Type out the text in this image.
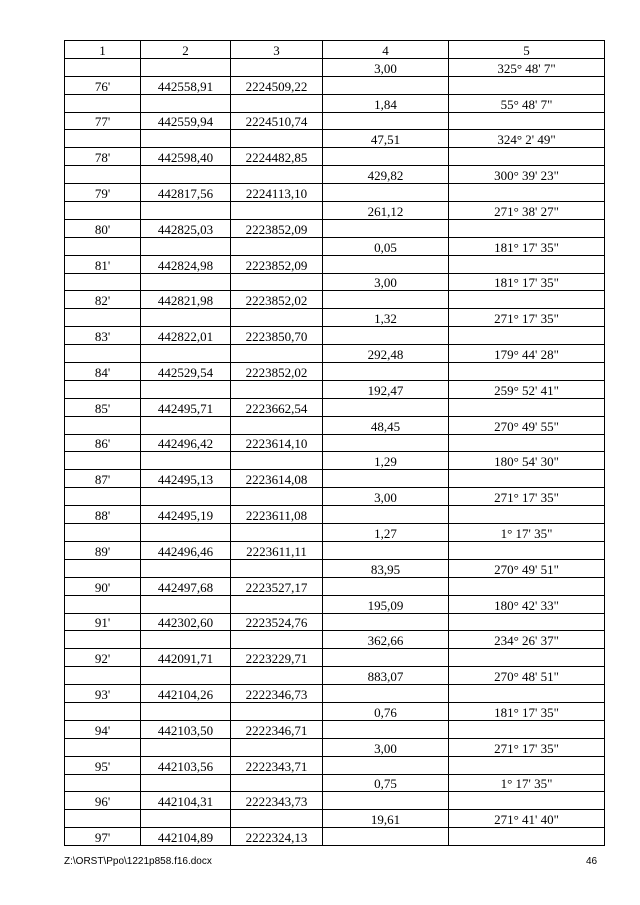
1	2	3	4	5
			3,00	325° 48' 7"
76'	442558,91	2224509,22		
			1,84	55° 48' 7"
77'	442559,94	2224510,74		
			47,51	324° 2' 49"
78'	442598,40	2224482,85		
			429,82	300° 39' 23"
79'	442817,56	2224113,10		
			261,12	271° 38' 27"
80'	442825,03	2223852,09		
			0,05	181° 17' 35"
81'	442824,98	2223852,09		
			3,00	181° 17' 35"
82'	442821,98	2223852,02		
			1,32	271° 17' 35"
83'	442822,01	2223850,70		
			292,48	179° 44' 28"
84'	442529,54	2223852,02		
			192,47	259° 52' 41"
85'	442495,71	2223662,54		
			48,45	270° 49' 55"
86'	442496,42	2223614,10		
			1,29	180° 54' 30"
87'	442495,13	2223614,08		
			3,00	271° 17' 35"
88'	442495,19	2223611,08		
			1,27	1° 17' 35"
89'	442496,46	2223611,11		
			83,95	270° 49' 51"
90'	442497,68	2223527,17		
			195,09	180° 42' 33"
91'	442302,60	2223524,76		
			362,66	234° 26' 37"
92'	442091,71	2223229,71		
			883,07	270° 48' 51"
93'	442104,26	2222346,73		
			0,76	181° 17' 35"
94'	442103,50	2222346,71		
			3,00	271° 17' 35"
95'	442103,56	2222343,71		
			0,75	1° 17' 35"
96'	442104,31	2222343,73		
			19,61	271° 41' 40"
97'	442104,89	2222324,13		
Z:\ORST\Ppo\1221p858.f16.docx	46
